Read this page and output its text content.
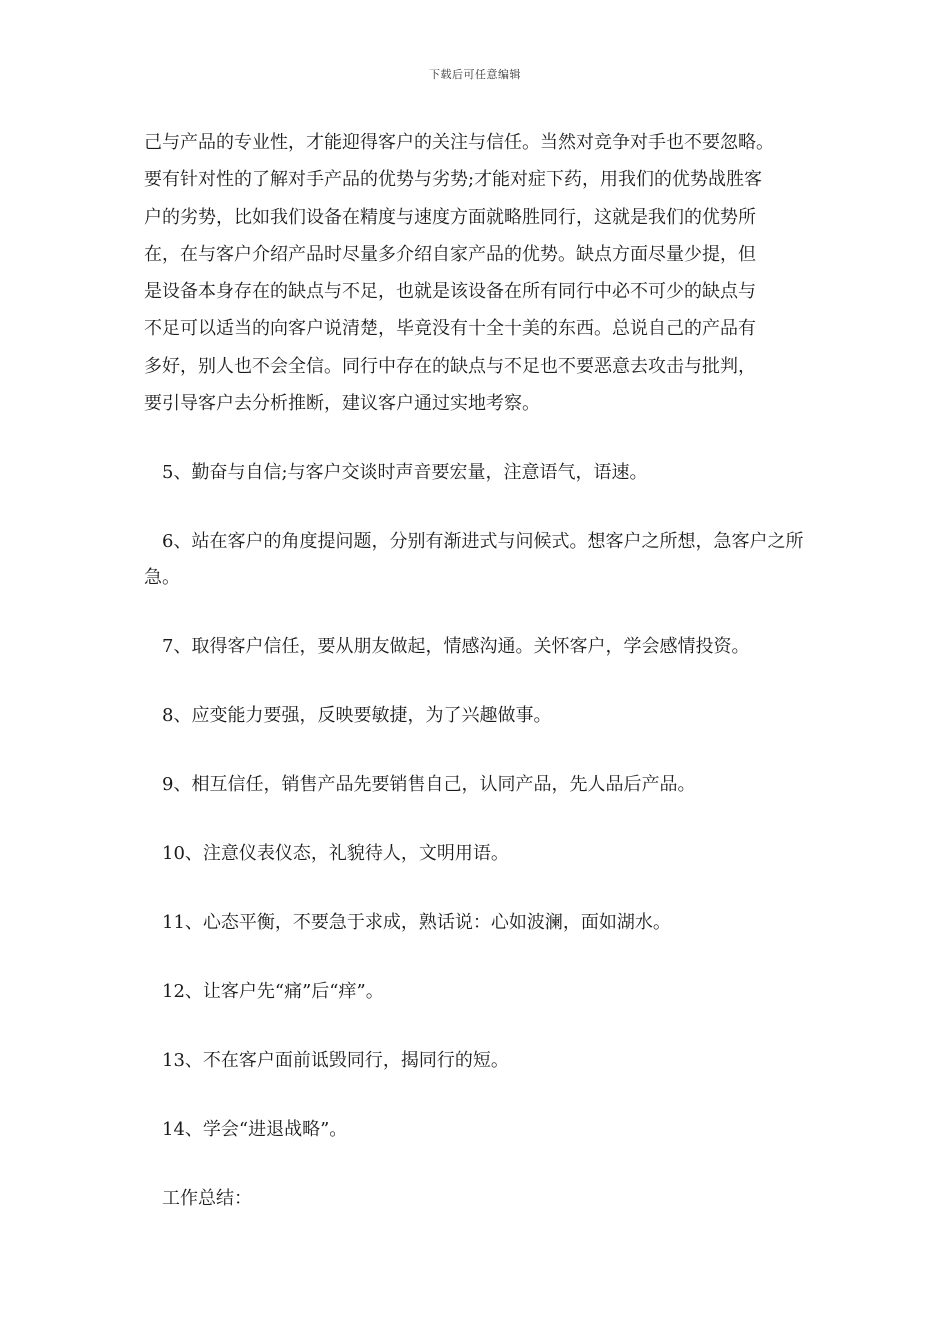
下载后可任意编辑

己与产品的专业性，才能迎得客户的关注与信任。当然对竞争对手也不要忽略。
要有针对性的了解对手产品的优势与劣势;才能对症下药，用我们的优势战胜客
户的劣势，比如我们设备在精度与速度方面就略胜同行，这就是我们的优势所
在，在与客户介绍产品时尽量多介绍自家产品的优势。缺点方面尽量少提，但
是设备本身存在的缺点与不足，也就是该设备在所有同行中必不可少的缺点与
不足可以适当的向客户说清楚，毕竟没有十全十美的东西。总说自己的产品有
多好，别人也不会全信。同行中存在的缺点与不足也不要恶意去攻击与批判，
要引导客户去分析推断，建议客户通过实地考察。

5、勤奋与自信;与客户交谈时声音要宏量，注意语气，语速。

6、站在客户的角度提问题，分别有渐进式与问候式。想客户之所想，急客户之所急。

7、取得客户信任，要从朋友做起，情感沟通。关怀客户，学会感情投资。

8、应变能力要强，反映要敏捷，为了兴趣做事。

9、相互信任，销售产品先要销售自己，认同产品，先人品后产品。

10、注意仪表仪态，礼貌待人，文明用语。

11、心态平衡，不要急于求成，熟话说：心如波澜，面如湖水。

12、让客户先“痛”后“痒”。

13、不在客户面前诋毁同行，揭同行的短。

14、学会“进退战略”。

工作总结：
